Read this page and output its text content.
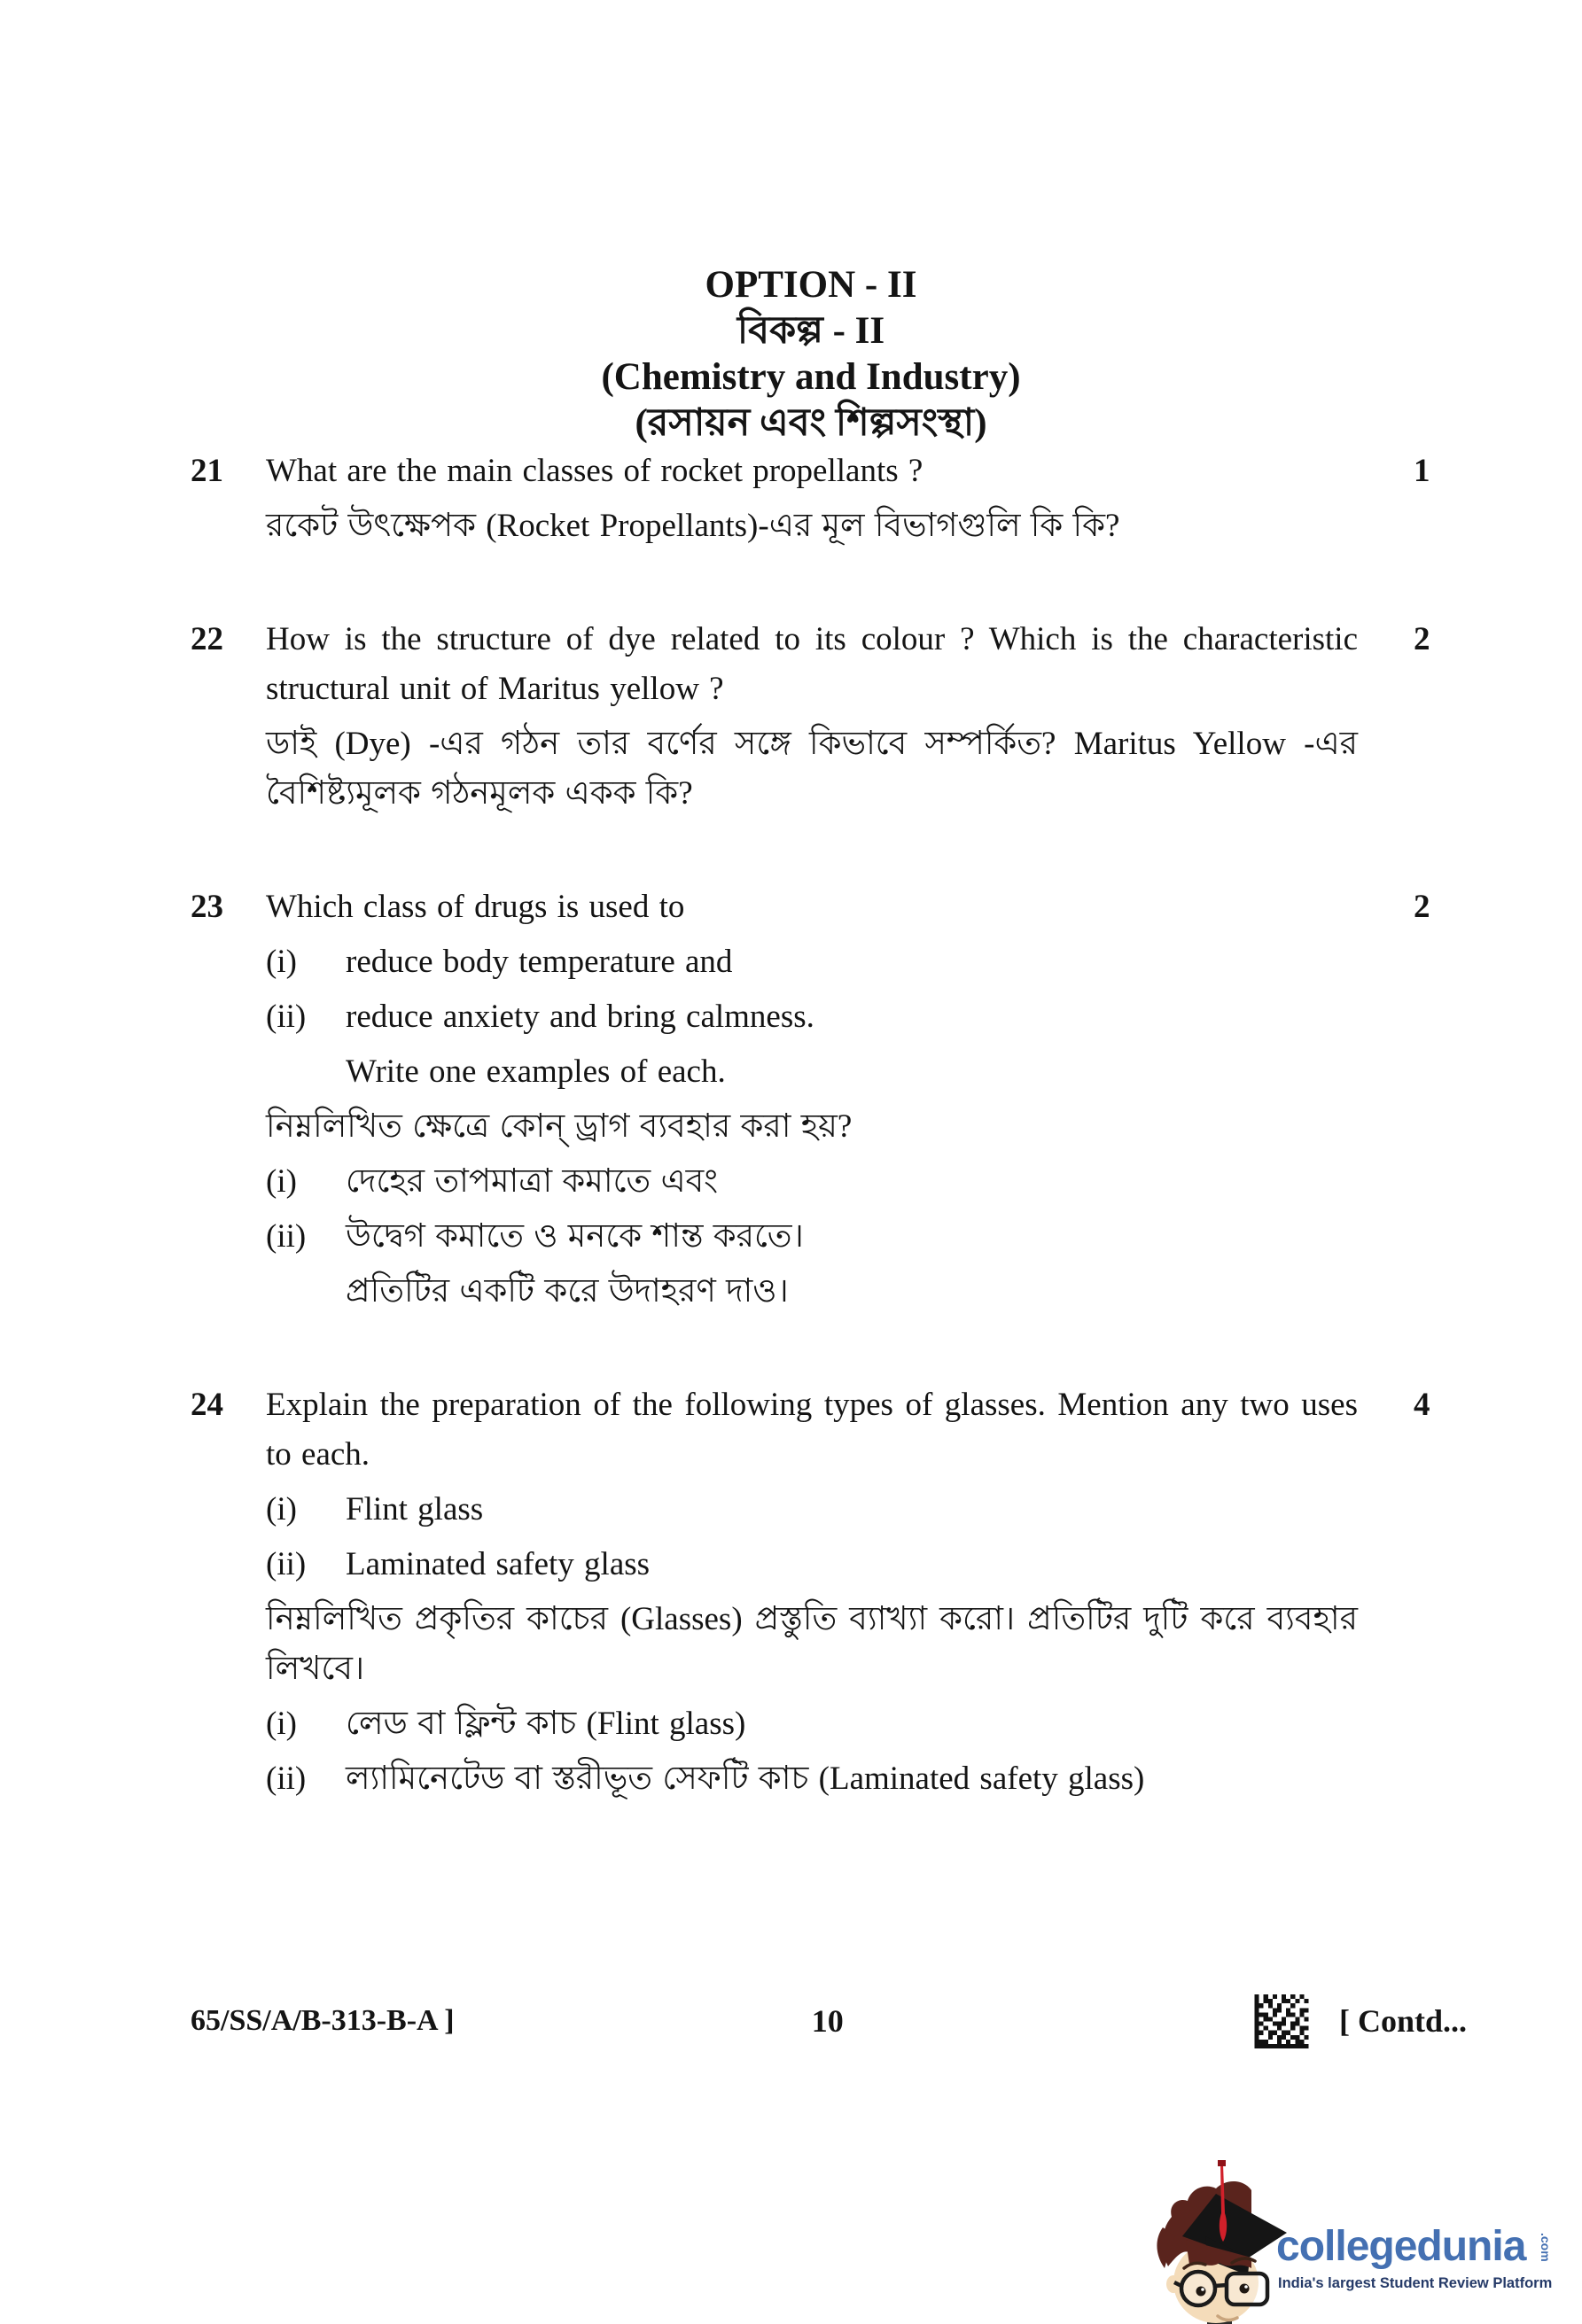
OPTION - II

বিকল্প - II

(Chemistry and Industry)

(রসায়ন এবং শিল্পসংস্থা)

21	What are the main classes of rocket propellants ?

রকেট উৎক্ষেপক (Rocket Propellants)-এর মূল বিভাগগুলি কি কি?

1
22	How is the structure of dye related to its colour ? Which is the characteristic structural unit of Maritus yellow ?

ডাই (Dye) -এর গঠন তার বর্ণের সঙ্গে কিভাবে সম্পর্কিত? Maritus Yellow -এর বৈশিষ্ট্যমূলক গঠনমূলক একক কি?

2
23	Which class of drugs is used to

(i)	reduce body temperature and
(ii)	reduce anxiety and bring calmness.

Write one examples of each.

নিম্নলিখিত ক্ষেত্রে কোন্ ড্রাগ ব্যবহার করা হয়?

(i)	দেহের তাপমাত্রা কমাতে এবং
(ii)	উদ্বেগ কমাতে ও মনকে শান্ত করতে।

প্রতিটির একটি করে উদাহরণ দাও।

2
24	Explain the preparation of the following types of glasses. Mention any two uses to each.

(i)	Flint glass
(ii)	Laminated safety glass

নিম্নলিখিত প্রকৃতির কাচের (Glasses) প্রস্তুতি ব্যাখ্যা করো। প্রতিটির দুটি করে ব্যবহার লিখবে।

(i)	লেড বা ফ্লিন্ট কাচ (Flint glass)
(ii)	ল্যামিনেটেড বা স্তরীভূত সেফটি কাচ (Laminated safety glass)
4
65/SS/A/B-313-B-A ]	10	[ Contd...
collegedunia .com
India's largest Student Review Platform
